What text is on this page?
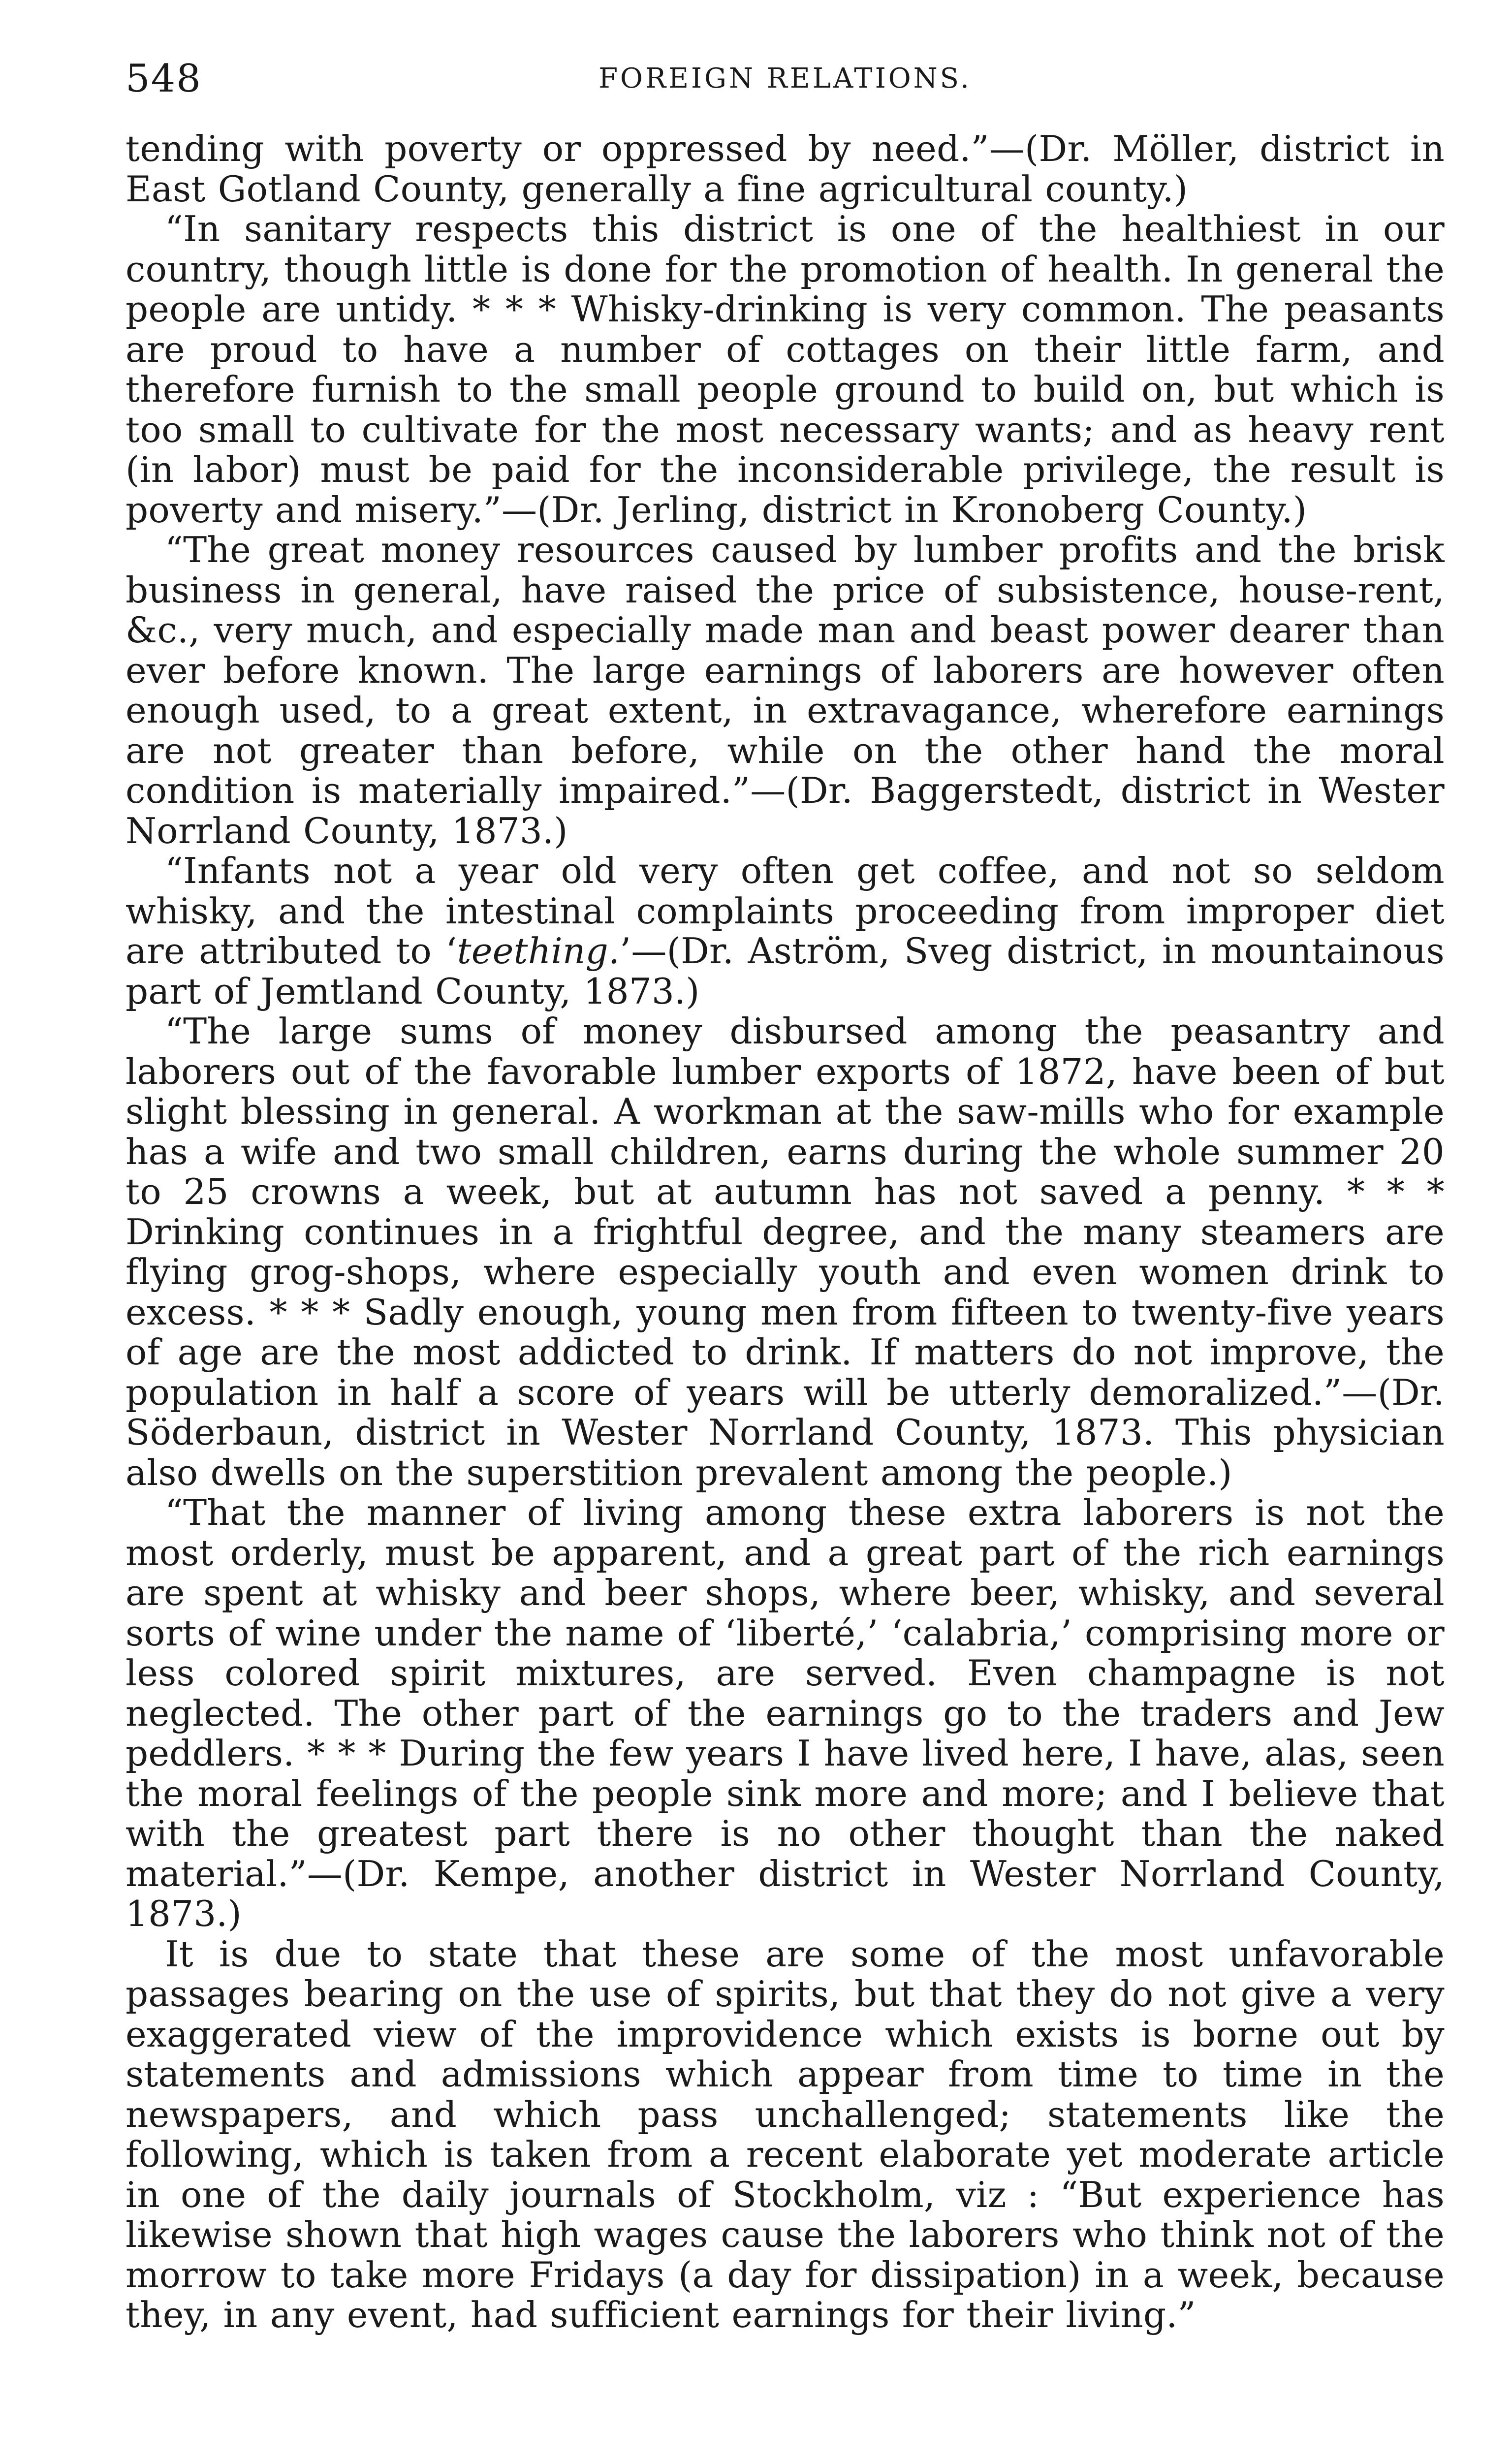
548	FOREIGN RELATIONS.

tending with poverty or oppressed by need.”—(Dr. Möller, district in East Gotland County, generally a fine agricultural county.)

“In sanitary respects this district is one of the healthiest in our country, though little is done for the promotion of health. In general the people are untidy. * * * Whisky-drinking is very common. The peasants are proud to have a number of cottages on their little farm, and therefore furnish to the small people ground to build on, but which is too small to cultivate for the most necessary wants; and as heavy rent (in labor) must be paid for the inconsiderable privilege, the result is poverty and misery.”—(Dr. Jerling, district in Kronoberg County.)

“The great money resources caused by lumber profits and the brisk business in general, have raised the price of subsistence, house-rent, &c., very much, and especially made man and beast power dearer than ever before known. The large earnings of laborers are however often enough used, to a great extent, in extravagance, wherefore earnings are not greater than before, while on the other hand the moral condition is materially impaired.”—(Dr. Baggerstedt, district in Wester Norrland County, 1873.)

“Infants not a year old very often get coffee, and not so seldom whisky, and the intestinal complaints proceeding from improper diet are attributed to ‘teething.’—(Dr. Aström, Sveg district, in mountainous part of Jemtland County, 1873.)

“The large sums of money disbursed among the peasantry and laborers out of the favorable lumber exports of 1872, have been of but slight blessing in general. A workman at the saw-mills who for example has a wife and two small children, earns during the whole summer 20 to 25 crowns a week, but at autumn has not saved a penny. * * * Drinking continues in a frightful degree, and the many steamers are flying grog-shops, where especially youth and even women drink to excess. * * * Sadly enough, young men from fifteen to twenty-five years of age are the most addicted to drink. If matters do not improve, the population in half a score of years will be utterly demoralized.”—(Dr. Söderbaun, district in Wester Norrland County, 1873. This physician also dwells on the superstition prevalent among the people.)

“That the manner of living among these extra laborers is not the most orderly, must be apparent, and a great part of the rich earnings are spent at whisky and beer shops, where beer, whisky, and several sorts of wine under the name of ‘liberté,’ ‘calabria,’ comprising more or less colored spirit mixtures, are served. Even champagne is not neglected. The other part of the earnings go to the traders and Jew peddlers. * * * During the few years I have lived here, I have, alas, seen the moral feelings of the people sink more and more; and I believe that with the greatest part there is no other thought than the naked material.”—(Dr. Kempe, another district in Wester Norrland County, 1873.)

It is due to state that these are some of the most unfavorable passages bearing on the use of spirits, but that they do not give a very exaggerated view of the improvidence which exists is borne out by statements and admissions which appear from time to time in the newspapers, and which pass unchallenged; statements like the following, which is taken from a recent elaborate yet moderate article in one of the daily journals of Stockholm, viz : “But experience has likewise shown that high wages cause the laborers who think not of the morrow to take more Fridays (a day for dissipation) in a week, because they, in any event, had sufficient earnings for their living.”
